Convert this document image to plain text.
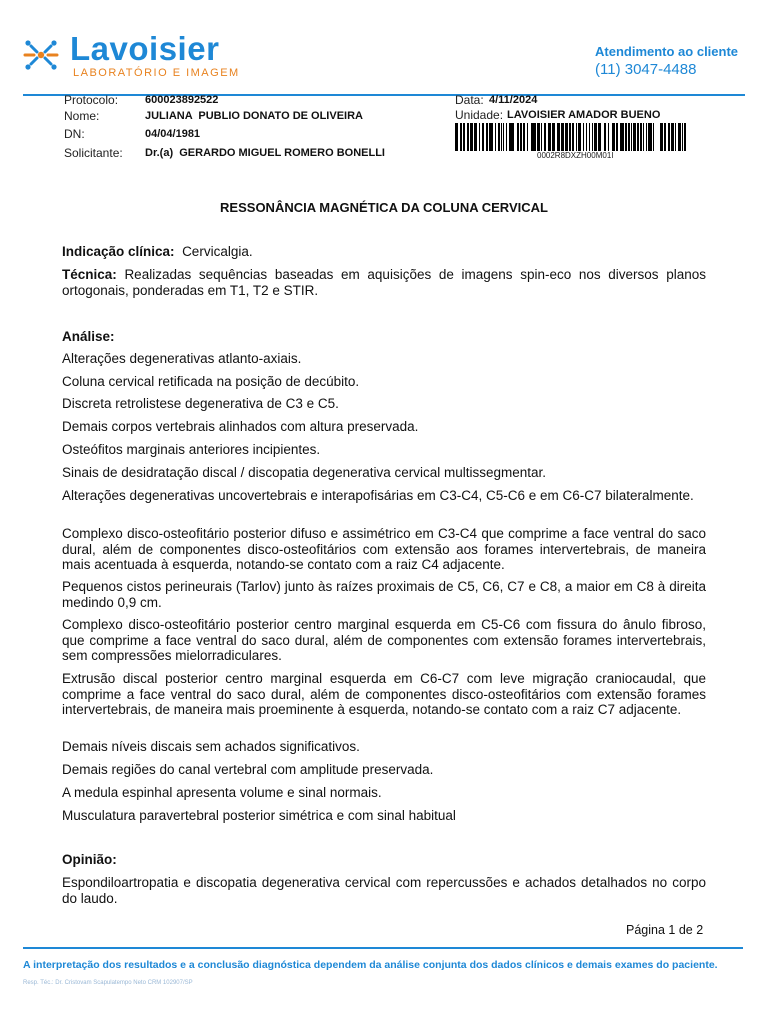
Lavoisier
LABORATÓRIO E IMAGEM
Atendimento ao cliente
(11) 3047-4488
Protocolo: 600023892522
Nome:	JULIANA  PUBLIO DONATO DE OLIVEIRA
DN:	04/04/1981
Solicitante: Dr.(a)  GERARDO MIGUEL ROMERO BONELLI
Data: 4/11/2024
Unidade: LAVOISIER AMADOR BUENO
0002R8DXZH00M01I
RESSONÂNCIA MAGNÉTICA DA COLUNA CERVICAL
Indicação clínica: Cervicalgia.
Técnica: Realizadas sequências baseadas em aquisições de imagens spin-eco nos diversos planos ortogonais, ponderadas em T1, T2 e STIR.
Análise:
Alterações degenerativas atlanto-axiais.
Coluna cervical retificada na posição de decúbito.
Discreta retrolistese degenerativa de C3 e C5.
Demais corpos vertebrais alinhados com altura preservada.
Osteófitos marginais anteriores incipientes.
Sinais de desidratação discal / discopatia degenerativa cervical multissegmentar.
Alterações degenerativas uncovertebrais e interapofisárias em C3-C4, C5-C6 e em C6-C7 bilateralmente.
Complexo disco-osteofitário posterior difuso e assimétrico em C3-C4 que comprime a face ventral do saco dural, além de componentes disco-osteofitários com extensão aos forames intervertebrais, de maneira mais acentuada à esquerda, notando-se contato com a raiz C4 adjacente.
Pequenos cistos perineurais (Tarlov) junto às raízes proximais de C5, C6, C7 e C8, a maior em C8 à direita medindo 0,9 cm.
Complexo disco-osteofitário posterior centro marginal esquerda em C5-C6 com fissura do ânulo fibroso, que comprime a face ventral do saco dural, além de componentes com extensão forames intervertebrais, sem compressões mielorradiculares.
Extrusão discal posterior centro marginal esquerda em C6-C7 com leve migração craniocaudal, que comprime a face ventral do saco dural, além de componentes disco-osteofitários com extensão forames intervertebrais, de maneira mais proeminente à esquerda, notando-se contato com a raiz C7 adjacente.
Demais níveis discais sem achados significativos.
Demais regiões do canal vertebral com amplitude preservada.
A medula espinhal apresenta volume e sinal normais.
Musculatura paravertebral posterior simétrica e com sinal habitual
Opinião:
Espondiloartropatia e discopatia degenerativa cervical com repercussões e achados detalhados no corpo do laudo.
Página 1 de 2
A interpretação dos resultados e a conclusão diagnóstica dependem da análise conjunta dos dados clínicos e demais exames do paciente.
Resp. Téc.: Dr. Cristovam Scapulatempo Neto CRM 102907/SP
